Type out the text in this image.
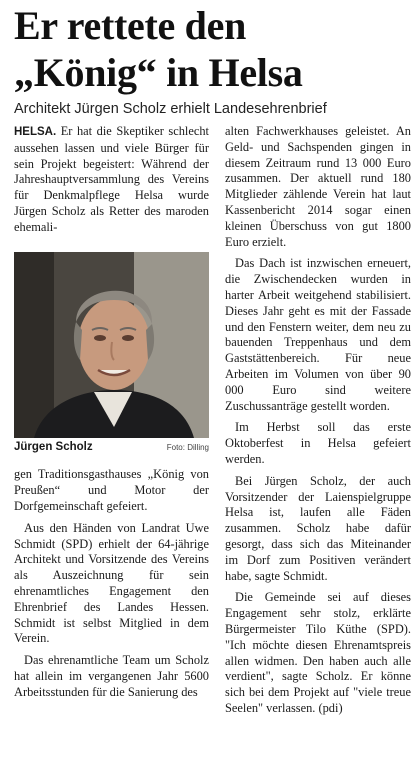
Er rettete den
„König“ in Helsa
Architekt Jürgen Scholz erhielt Landesehrenbrief

HELSA. Er hat die Skeptiker schlecht aussehen lassen und viele Bürger für sein Projekt begeistert: Während der Jahreshauptversammlung des Vereins für Denkmalpflege Helsa wurde Jürgen Scholz als Retter des maroden ehemali-

Jürgen Scholz	Foto: Dilling

gen Traditionsgasthauses „König von Preußen“ und Motor der Dorfgemeinschaft gefeiert.

Aus den Händen von Landrat Uwe Schmidt (SPD) erhielt der 64-jährige Architekt und Vorsitzende des Vereins als Auszeichnung für sein ehrenamtliches Engagement den Ehrenbrief des Landes Hessen. Schmidt ist selbst Mitglied in dem Verein.

Das ehrenamtliche Team um Scholz hat allein im vergangenen Jahr 5600 Arbeitsstunden für die Sanierung des

alten Fachwerkhauses geleistet. An Geld- und Sachspenden gingen in diesem Zeitraum rund 13 000 Euro zusammen. Der aktuell rund 180 Mitglieder zählende Verein hat laut Kassenbericht 2014 sogar einen kleinen Überschuss von gut 1800 Euro erzielt.

Das Dach ist inzwischen erneuert, die Zwischendecken wurden in harter Arbeit weitgehend stabilisiert. Dieses Jahr geht es mit der Fassade und den Fenstern weiter, dem neu zu bauenden Treppenhaus und dem Gaststättenbereich. Für neue Arbeiten im Volumen von über 90 000 Euro sind weitere Zuschussanträge gestellt worden.

Im Herbst soll das erste Oktoberfest in Helsa gefeiert werden.

Bei Jürgen Scholz, der auch Vorsitzender der Laienspielgruppe Helsa ist, laufen alle Fäden zusammen. Scholz habe dafür gesorgt, dass sich das Miteinander im Dorf zum Positiven verändert habe, sagte Schmidt.

Die Gemeinde sei auf dieses Engagement sehr stolz, erklärte Bürgermeister Tilo Küthe (SPD). "Ich möchte diesen Ehrenamtspreis allen widmen. Den haben auch alle verdient", sagte Scholz. Er könne sich bei dem Projekt auf "viele treue Seelen" verlassen. (pdi)
